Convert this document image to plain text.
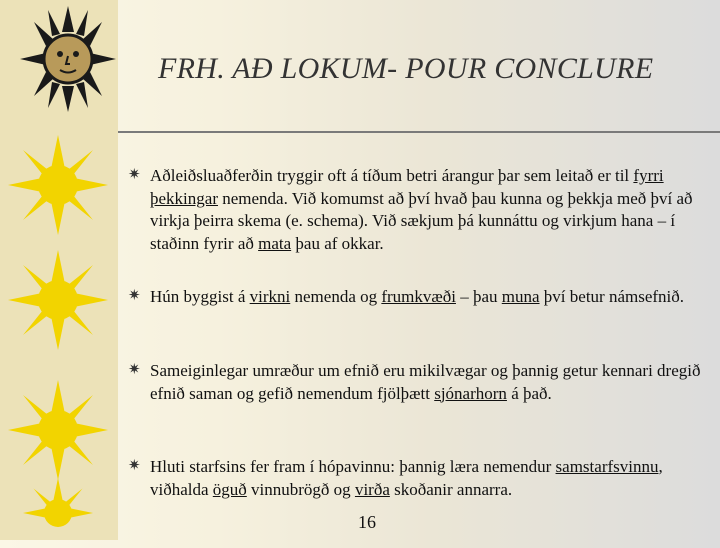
FRH. AÐ LOKUM- POUR CONCLURE
✷ Aðleiðsluaðferðin tryggir oft á tíðum betri árangur þar sem leitað er til fyrri þekkingar nemenda. Við komumst að því hvað þau kunna og þekkja með því að virkja þeirra skema (e. schema). Við sækjum þá kunnáttu og virkjum hana – í staðinn fyrir að mata þau af okkar.
✷ Hún byggist á virkni nemenda og frumkvæði – þau muna því betur námsefnið.
✷ Sameiginlegar umræður um efnið eru mikilvægar og þannig getur kennari dregið efnið saman og gefið nemendum fjölþætt sjónarhorn á það.
✷ Hluti starfsins fer fram í hópavinnu: þannig læra nemendur samstarfsvinnu, viðhalda öguð vinnubrögð og virða skoðanir annarra.
16
